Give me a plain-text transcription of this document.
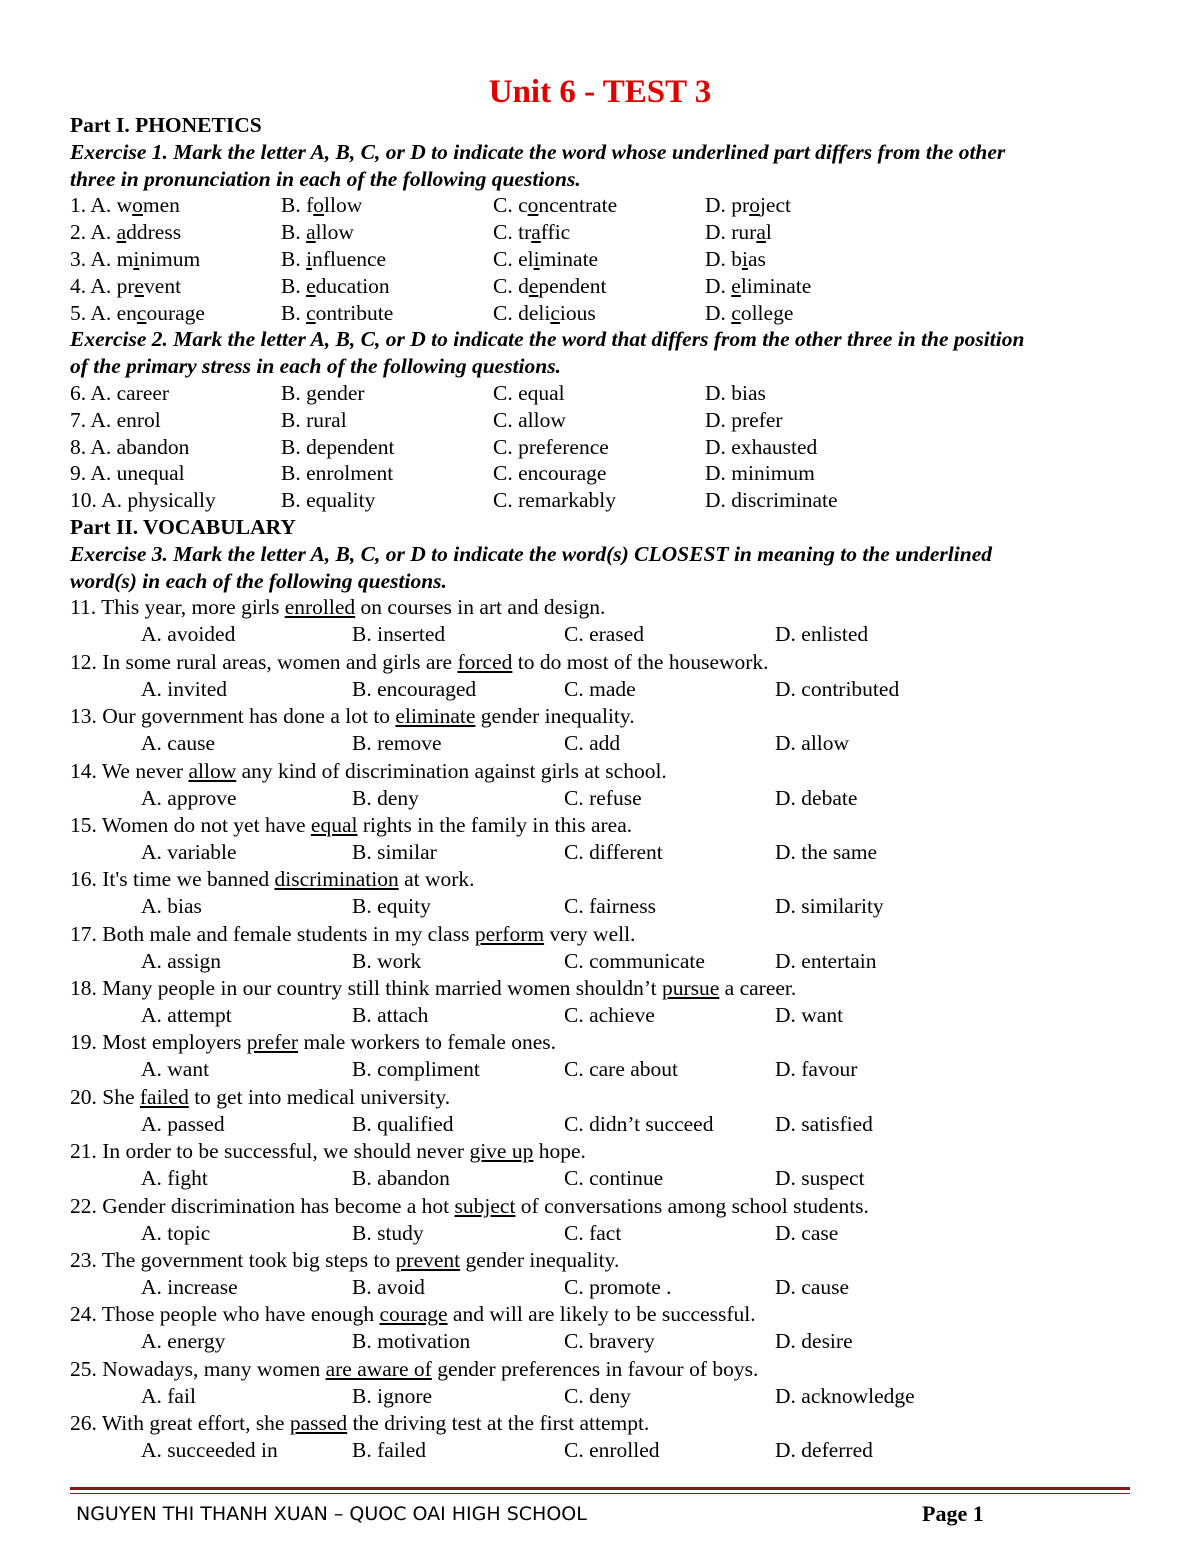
Unit 6 - TEST 3
Part I. PHONETICS
Exercise 1. Mark the letter A, B, C, or D to indicate the word whose underlined part differs from the other
three in pronunciation in each of the following questions.
1. A. women	B. follow	C. concentrate	D. project
2. A. address	B. allow	C. traffic	D. rural
3. A. minimum	B. influence	C. eliminate	D. bias
4. A. prevent	B. education	C. dependent	D. eliminate
5. A. encourage	B. contribute	C. delicious	D. college
Exercise 2. Mark the letter A, B, C, or D to indicate the word that differs from the other three in the position
of the primary stress in each of the following questions.
6. A. career	B. gender	C. equal	D. bias
7. A. enrol	B. rural	C. allow	D. prefer
8. A. abandon	B. dependent	C. preference	D. exhausted
9. A. unequal	B. enrolment	C. encourage	D. minimum
10. A. physically	B. equality	C. remarkably	D. discriminate
Part II. VOCABULARY
Exercise 3. Mark the letter A, B, C, or D to indicate the word(s) CLOSEST in meaning to the underlined
word(s) in each of the following questions.
11. This year, more girls enrolled on courses in art and design.
A. avoided	B. inserted	C. erased	D. enlisted
12. In some rural areas, women and girls are forced to do most of the housework.
A. invited	B. encouraged	C. made	D. contributed
13. Our government has done a lot to eliminate gender inequality.
A. cause	B. remove	C. add	D. allow
14. We never allow any kind of discrimination against girls at school.
A. approve	B. deny	C. refuse	D. debate
15. Women do not yet have equal rights in the family in this area.
A. variable	B. similar	C. different	D. the same
16. It's time we banned discrimination at work.
A. bias	B. equity	C. fairness	D. similarity
17. Both male and female students in my class perform very well.
A. assign	B. work	C. communicate	D. entertain
18. Many people in our country still think married women shouldn’t pursue a career.
A. attempt	B. attach	C. achieve	D. want
19. Most employers prefer male workers to female ones.
A. want	B. compliment	C. care about	D. favour
20. She failed to get into medical university.
A. passed	B. qualified	C. didn’t succeed	D. satisfied
21. In order to be successful, we should never give up hope.
A. fight	B. abandon	C. continue	D. suspect
22. Gender discrimination has become a hot subject of conversations among school students.
A. topic	B. study	C. fact	D. case
23. The government took big steps to prevent gender inequality.
A. increase	B. avoid	C. promote .	D. cause
24. Those people who have enough courage and will are likely to be successful.
A. energy	B. motivation	C. bravery	D. desire
25. Nowadays, many women are aware of gender preferences in favour of boys.
A. fail	B. ignore	C. deny	D. acknowledge
26. With great effort, she passed the driving test at the first attempt.
A. succeeded in	B. failed	C. enrolled	D. deferred
NGUYEN THI THANH XUAN – QUOC OAI HIGH SCHOOL	Page 1
